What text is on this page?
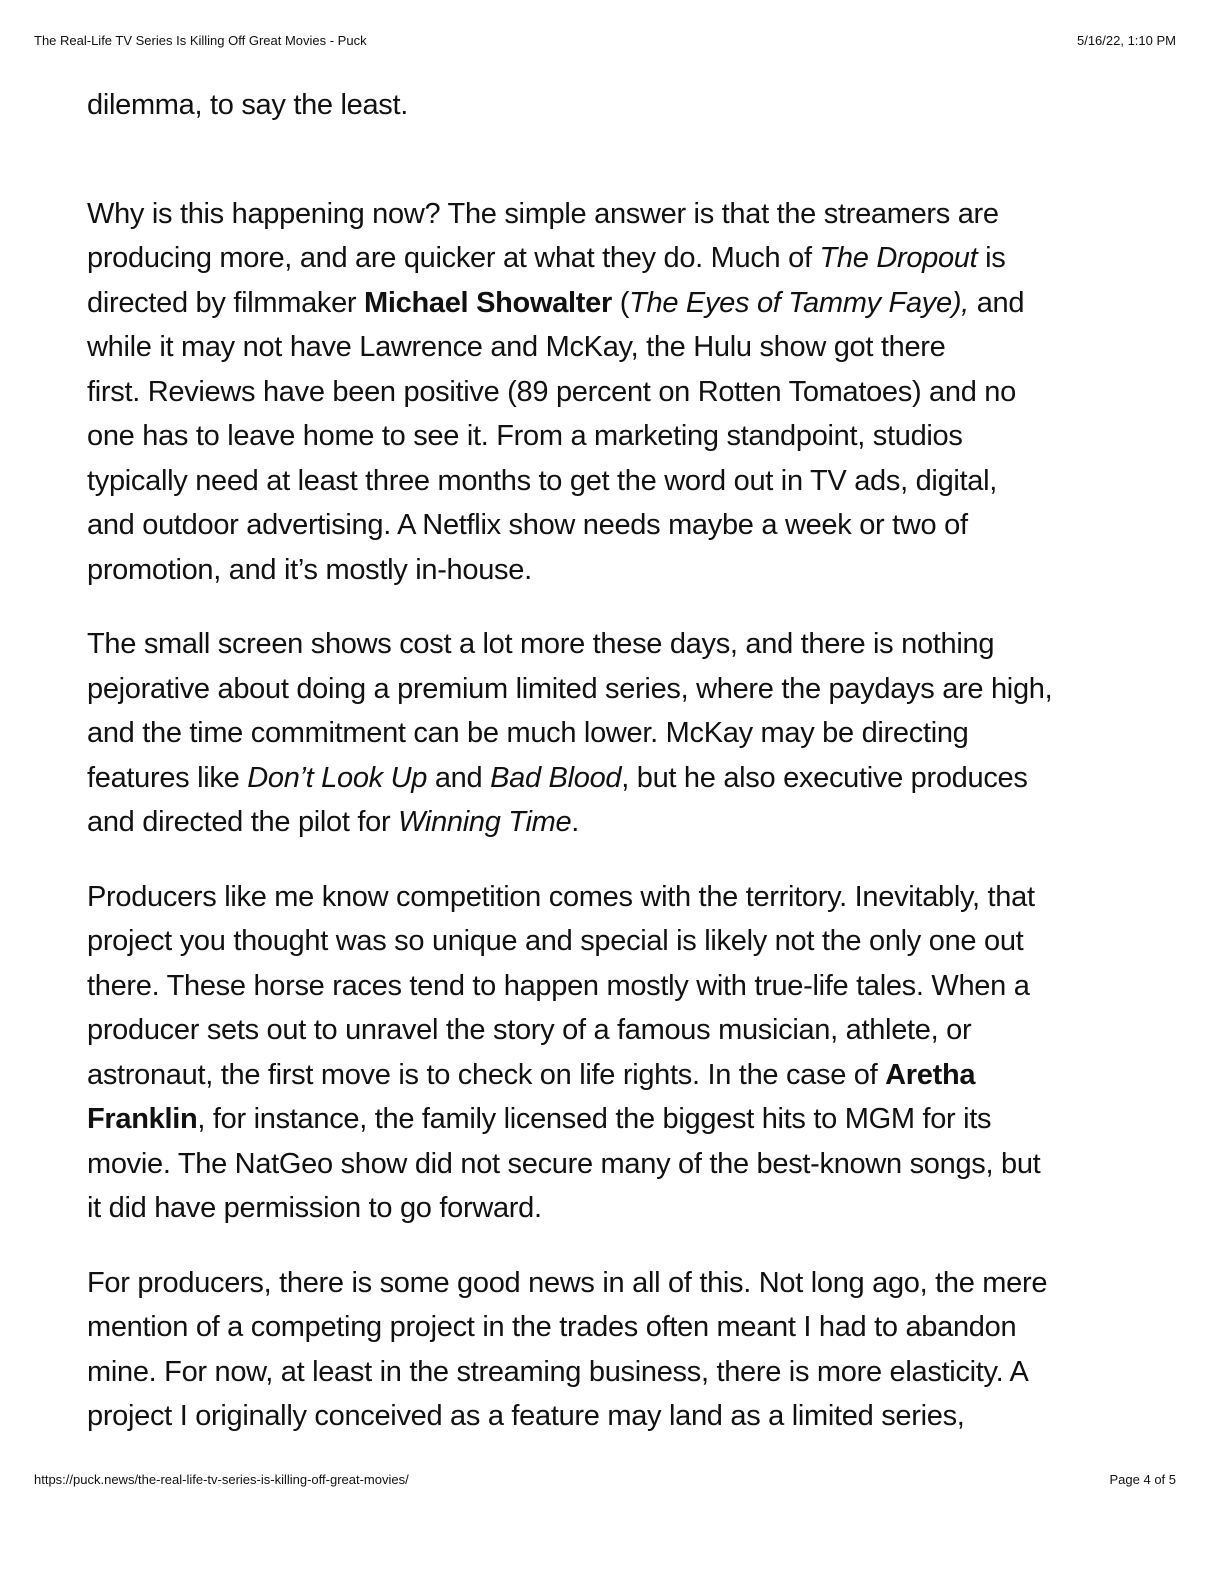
The Real-Life TV Series Is Killing Off Great Movies - Puck	5/16/22, 1:10 PM

dilemma, to say the least.

Why is this happening now? The simple answer is that the streamers are

producing more, and are quicker at what they do. Much of The Dropout is

directed by filmmaker Michael Showalter (The Eyes of Tammy Faye), and

while it may not have Lawrence and McKay, the Hulu show got there

first. Reviews have been positive (89 percent on Rotten Tomatoes) and no

one has to leave home to see it. From a marketing standpoint, studios

typically need at least three months to get the word out in TV ads, digital,

and outdoor advertising. A Netflix show needs maybe a week or two of

promotion, and it’s mostly in-house.

The small screen shows cost a lot more these days, and there is nothing

pejorative about doing a premium limited series, where the paydays are high,

and the time commitment can be much lower. McKay may be directing

features like Don’t Look Up and Bad Blood, but he also executive produces

and directed the pilot for Winning Time.

Producers like me know competition comes with the territory. Inevitably, that

project you thought was so unique and special is likely not the only one out

there. These horse races tend to happen mostly with true-life tales. When a

producer sets out to unravel the story of a famous musician, athlete, or

astronaut, the first move is to check on life rights. In the case of Aretha

Franklin, for instance, the family licensed the biggest hits to MGM for its

movie. The NatGeo show did not secure many of the best-known songs, but

it did have permission to go forward.

For producers, there is some good news in all of this. Not long ago, the mere

mention of a competing project in the trades often meant I had to abandon

mine. For now, at least in the streaming business, there is more elasticity. A

project I originally conceived as a feature may land as a limited series,

https://puck.news/the-real-life-tv-series-is-killing-off-great-movies/	Page 4 of 5
